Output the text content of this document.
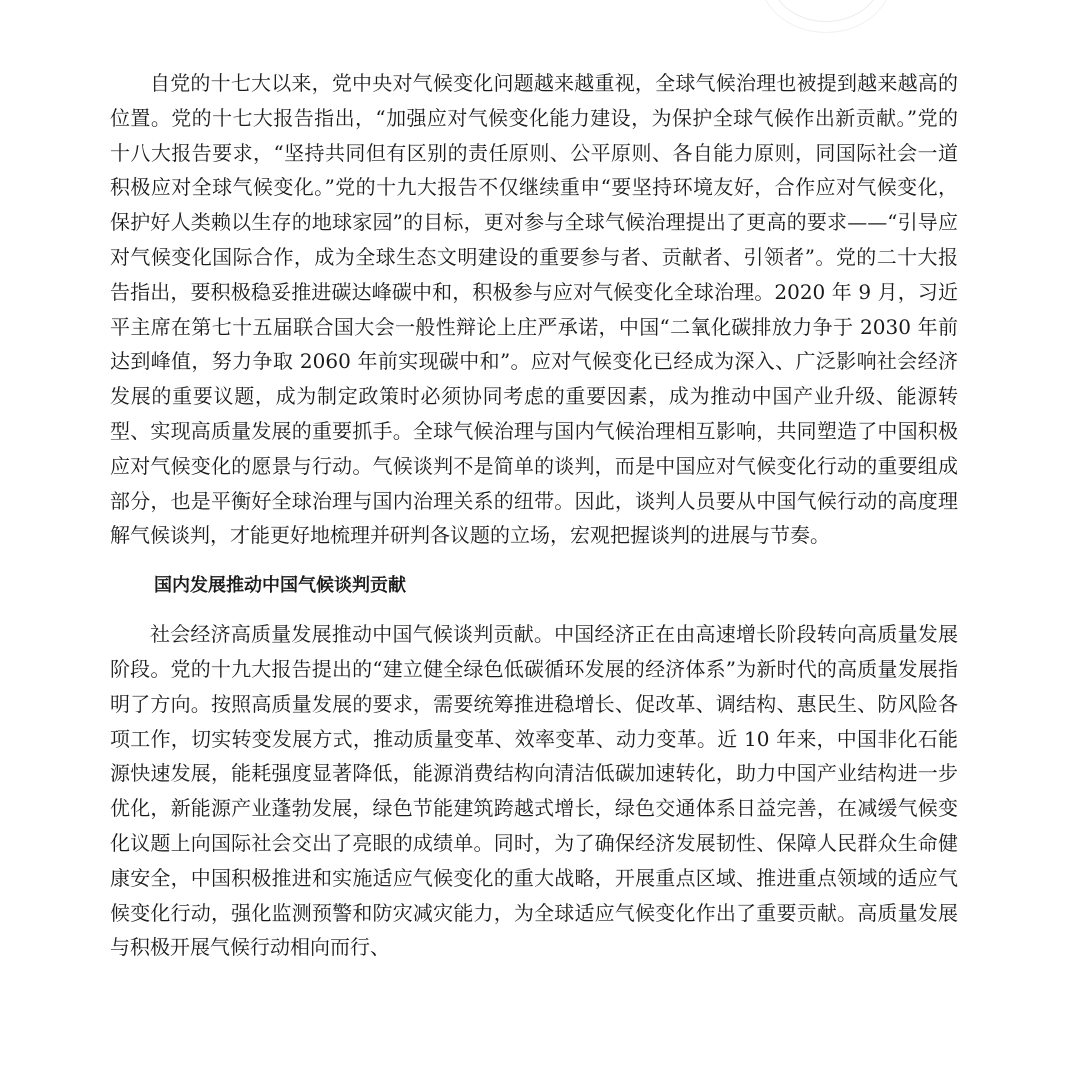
自党的十七大以来，党中央对气候变化问题越来越重视，全球气候治理也被提到越来越高的位置。党的十七大报告指出，“加强应对气候变化能力建设，为保护全球气候作出新贡献。”党的十八大报告要求，“坚持共同但有区别的责任原则、公平原则、各自能力原则，同国际社会一道积极应对全球气候变化。”党的十九大报告不仅继续重申“要坚持环境友好，合作应对气候变化，保护好人类赖以生存的地球家园”的目标，更对参与全球气候治理提出了更高的要求——“引导应对气候变化国际合作，成为全球生态文明建设的重要参与者、贡献者、引领者”。党的二十大报告指出，要积极稳妥推进碳达峰碳中和，积极参与应对气候变化全球治理。2020 年 9 月，习近平主席在第七十五届联合国大会一般性辩论上庄严承诺，中国“二氧化碳排放力争于 2030 年前达到峰值，努力争取 2060 年前实现碳中和”。应对气候变化已经成为深入、广泛影响社会经济发展的重要议题，成为制定政策时必须协同考虑的重要因素，成为推动中国产业升级、能源转型、实现高质量发展的重要抓手。全球气候治理与国内气候治理相互影响，共同塑造了中国积极应对气候变化的愿景与行动。气候谈判不是简单的谈判，而是中国应对气候变化行动的重要组成部分，也是平衡好全球治理与国内治理关系的纽带。因此，谈判人员要从中国气候行动的高度理解气候谈判，才能更好地梳理并研判各议题的立场，宏观把握谈判的进展与节奏。

国内发展推动中国气候谈判贡献

社会经济高质量发展推动中国气候谈判贡献。中国经济正在由高速增长阶段转向高质量发展阶段。党的十九大报告提出的“建立健全绿色低碳循环发展的经济体系”为新时代的高质量发展指明了方向。按照高质量发展的要求，需要统筹推进稳增长、促改革、调结构、惠民生、防风险各项工作，切实转变发展方式，推动质量变革、效率变革、动力变革。近 10 年来，中国非化石能源快速发展，能耗强度显著降低，能源消费结构向清洁低碳加速转化，助力中国产业结构进一步优化，新能源产业蓬勃发展，绿色节能建筑跨越式增长，绿色交通体系日益完善，在减缓气候变化议题上向国际社会交出了亮眼的成绩单。同时，为了确保经济发展韧性、保障人民群众生命健康安全，中国积极推进和实施适应气候变化的重大战略，开展重点区域、推进重点领域的适应气候变化行动，强化监测预警和防灾减灾能力，为全球适应气候变化作出了重要贡献。高质量发展与积极开展气候行动相向而行、
